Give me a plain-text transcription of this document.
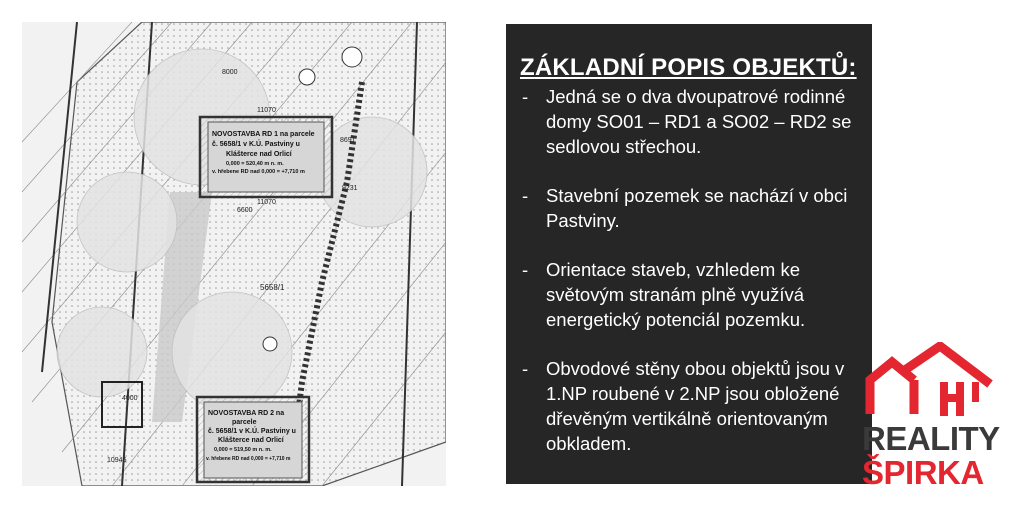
NOVOSTAVBA RD 1 na parcele
č. 5658/1 v K.Ú. Pastviny u
Klášterce nad Orlicí
0,000 = 520,40 m n. m.
v. hřebene RD nad 0,000 = +7,710 m
NOVOSTAVBA RD 2 na
parcele
č. 5658/1 v K.Ú. Pastviny u
Klášterce nad Orlicí
0,000 = 519,50 m n. m.
v. hřebene RD nad 0,000 = +7,710 m
11070
11070
8000
6600
8691
9231
4000
10945
5658/1
ZÁKLADNÍ POPIS OBJEKTŮ:
- Jedná se o dva dvoupatrové rodinné domy SO01 – RD1 a SO02 – RD2 se sedlovou střechou.
- Stavební pozemek se nachází v obci Pastviny.
- Orientace staveb, vzhledem ke světovým stranám plně využívá energetický potenciál pozemku.
- Obvodové stěny obou objektů jsou v 1.NP roubené v 2.NP jsou obložené dřevěným vertikálně orientovaným obkladem.	REALITY
ŠPIRKA
